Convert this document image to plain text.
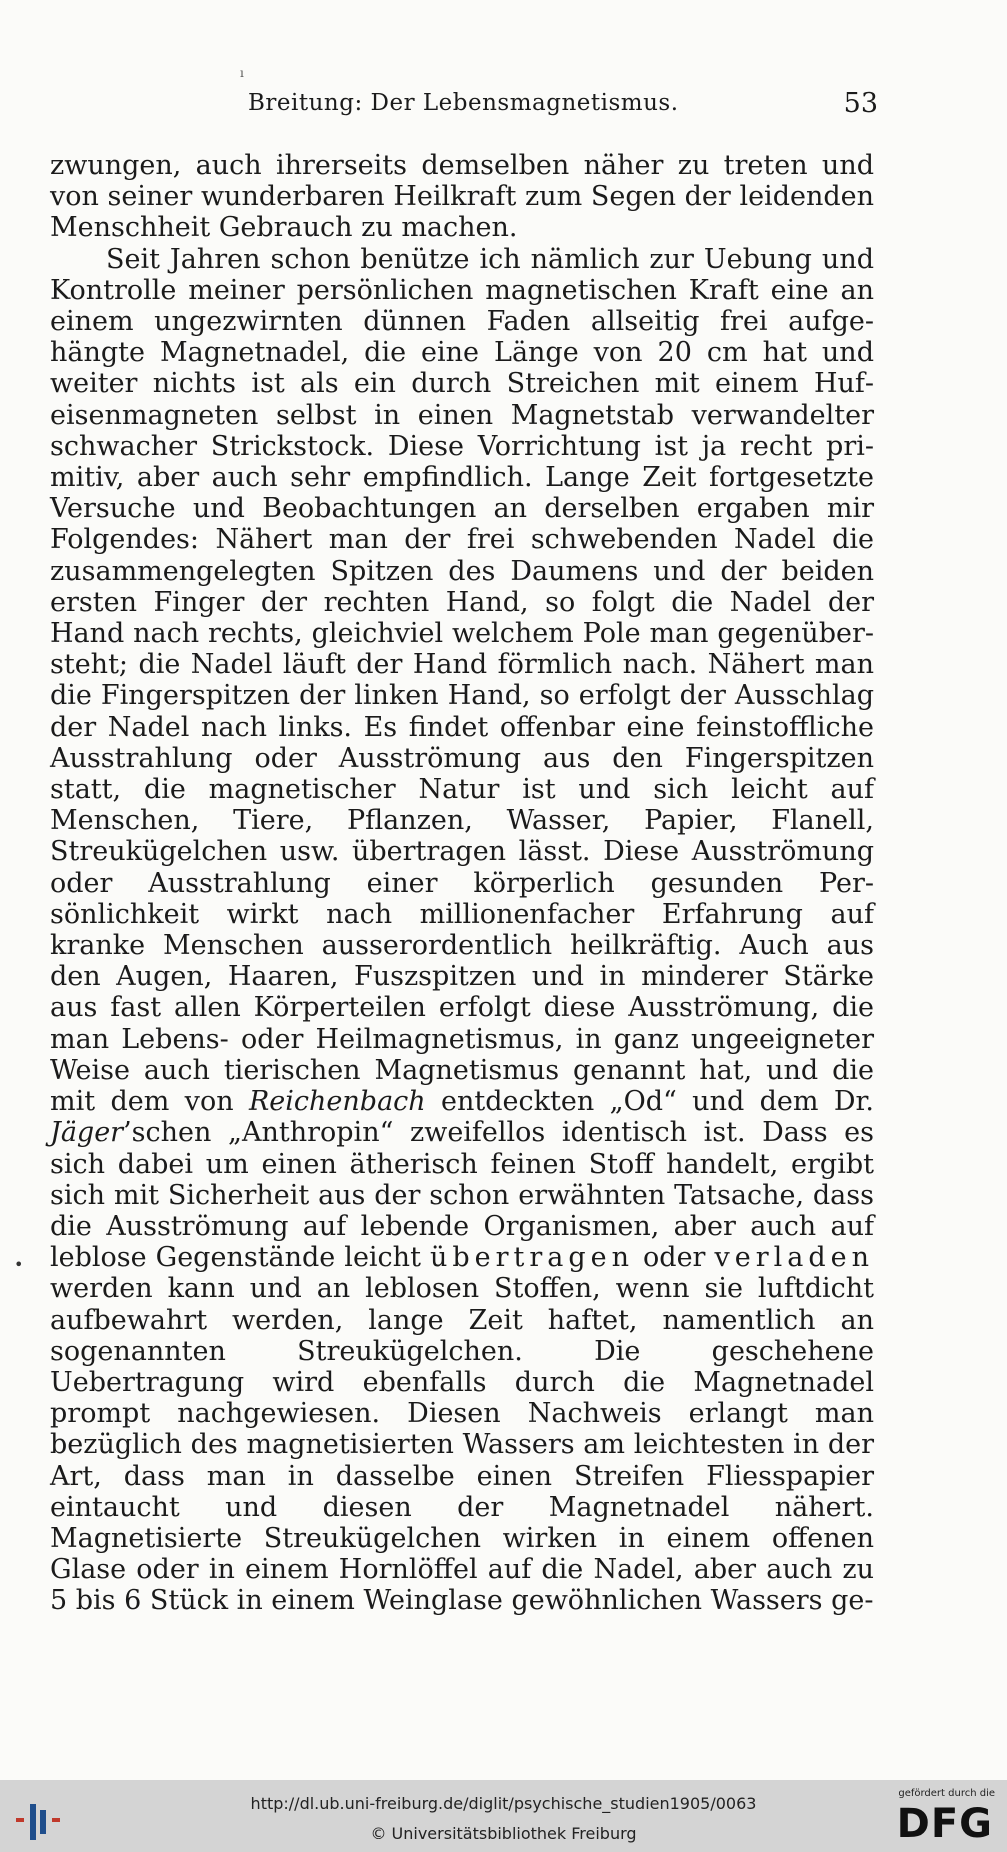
ı
Breitung: Der Lebensmagnetismus.	53

zwungen, auch ihrerseits demselben näher zu treten und von seiner wunderbaren Heilkraft zum Segen der leidenden Menschheit Gebrauch zu machen.

Seit Jahren schon benütze ich nämlich zur Uebung und Kontrolle meiner persönlichen magnetischen Kraft eine an einem ungezwirnten dünnen Faden allseitig frei aufgehängte Magnetnadel, die eine Länge von 20 cm hat und weiter nichts ist als ein durch Streichen mit einem Hufeisenmagneten selbst in einen Magnetstab verwandelter schwacher Strickstock. Diese Vorrichtung ist ja recht primitiv, aber auch sehr empfindlich. Lange Zeit fortgesetzte Versuche und Beobachtungen an derselben ergaben mir Folgendes: Nähert man der frei schwebenden Nadel die zusammengelegten Spitzen des Daumens und der beiden ersten Finger der rechten Hand, so folgt die Nadel der Hand nach rechts, gleichviel welchem Pole man gegenübersteht; die Nadel läuft der Hand förmlich nach. Nähert man die Fingerspitzen der linken Hand, so erfolgt der Ausschlag der Nadel nach links. Es findet offenbar eine feinstoffliche Ausstrahlung oder Ausströmung aus den Fingerspitzen statt, die magnetischer Natur ist und sich leicht auf Menschen, Tiere, Pflanzen, Wasser, Papier, Flanell, Streukügelchen usw. übertragen lässt. Diese Ausströmung oder Ausstrahlung einer körperlich gesunden Persönlichkeit wirkt nach millionenfacher Erfahrung auf kranke Menschen ausserordentlich heilkräftig. Auch aus den Augen, Haaren, Fuszspitzen und in minderer Stärke aus fast allen Körperteilen erfolgt diese Ausströmung, die man Lebens- oder Heilmagnetismus, in ganz ungeeigneter Weise auch tierischen Magnetismus genannt hat, und die mit dem von Reichenbach entdeckten „Od“ und dem Dr. Jäger’schen „Anthropin“ zweifellos identisch ist. Dass es sich dabei um einen ätherisch feinen Stoff handelt, ergibt sich mit Sicherheit aus der schon erwähnten Tatsache, dass die Ausströmung auf lebende Organismen, aber auch auf leblose Gegenstände leicht übertragen oder verladen werden kann und an leblosen Stoffen, wenn sie luftdicht aufbewahrt werden, lange Zeit haftet, namentlich an sogenannten Streukügelchen. Die geschehene Uebertragung wird ebenfalls durch die Magnetnadel prompt nachgewiesen. Diesen Nachweis erlangt man bezüglich des magnetisierten Wassers am leichtesten in der Art, dass man in dasselbe einen Streifen Fliesspapier eintaucht und diesen der Magnetnadel nähert. Magnetisierte Streukügelchen wirken in einem offenen Glase oder in einem Hornlöffel auf die Nadel, aber auch zu 5 bis 6 Stück in einem Weinglase gewöhnlichen Wassers ge-

•
http://dl.ub.uni-freiburg.de/diglit/psychische_studien1905/0063
© Universitätsbibliothek Freiburg
gefördert durch die
DFG
